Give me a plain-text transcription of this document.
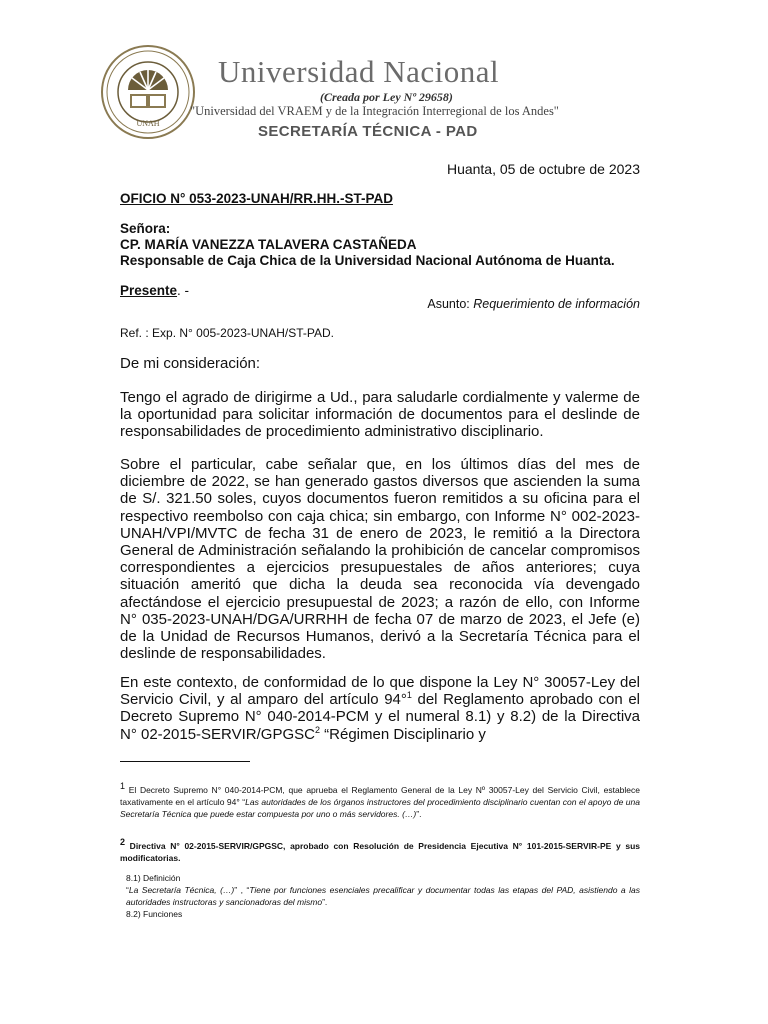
UNAH
Universidad Nacional
(Creada por Ley Nº 29658)
"Universidad del VRAEM y de la Integración Interregional de los Andes"
SECRETARÍA TÉCNICA - PAD
Huanta, 05 de octubre de 2023
OFICIO N° 053-2023-UNAH/RR.HH.-ST-PAD
Señora:
CP. MARÍA VANEZZA TALAVERA CASTAÑEDA
Responsable de Caja Chica de la Universidad Nacional Autónoma de Huanta.
Presente. -
Asunto: Requerimiento de información
Ref. : Exp. N° 005-2023-UNAH/ST-PAD.
De mi consideración:
Tengo el agrado de dirigirme a Ud., para saludarle cordialmente y valerme de la oportunidad para solicitar información de documentos para el deslinde de responsabilidades de procedimiento administrativo disciplinario.
Sobre el particular, cabe señalar que, en los últimos días del mes de diciembre de 2022, se han generado gastos diversos que ascienden la suma de S/. 321.50 soles, cuyos documentos fueron remitidos a su oficina para el respectivo reembolso con caja chica; sin embargo, con Informe N° 002-2023-UNAH/VPI/MVTC de fecha 31 de enero de 2023, le remitió a la Directora General de Administración señalando la prohibición de cancelar compromisos correspondientes a ejercicios presupuestales de años anteriores; cuya situación ameritó que dicha la deuda sea reconocida vía devengado afectándose el ejercicio presupuestal de 2023; a razón de ello, con Informe N° 035-2023-UNAH/DGA/URRHH de fecha 07 de marzo de 2023, el Jefe (e) de la Unidad de Recursos Humanos, derivó a la Secretaría Técnica para el deslinde de responsabilidades.
En este contexto, de conformidad de lo que dispone la Ley N° 30057-Ley del Servicio Civil, y al amparo del artículo 94°$^1$ del Reglamento aprobado con el Decreto Supremo N° 040-2014-PCM y el numeral 8.1) y 8.2) de la Directiva N° 02-2015-SERVIR/GPGSC$^2$ “Régimen Disciplinario y
$^1$ El Decreto Supremo N° 040-2014-PCM, que aprueba el Reglamento General de la Ley Nº 30057-Ley del Servicio Civil, establece taxativamente en el artículo 94° “Las autoridades de los órganos instructores del procedimiento disciplinario cuentan con el apoyo de una Secretaría Técnica que puede estar compuesta por uno o más servidores. (…)”.
$^2$ Directiva N° 02-2015-SERVIR/GPGSC, aprobado con Resolución de Presidencia Ejecutiva N° 101-2015-SERVIR-PE y sus modificatorias.
8.1) Definición
“La Secretaría Técnica, (…)” , “Tiene por funciones esenciales precalificar y documentar todas las etapas del PAD, asistiendo a las autoridades instructoras y sancionadoras del mismo”.
8.2) Funciones
